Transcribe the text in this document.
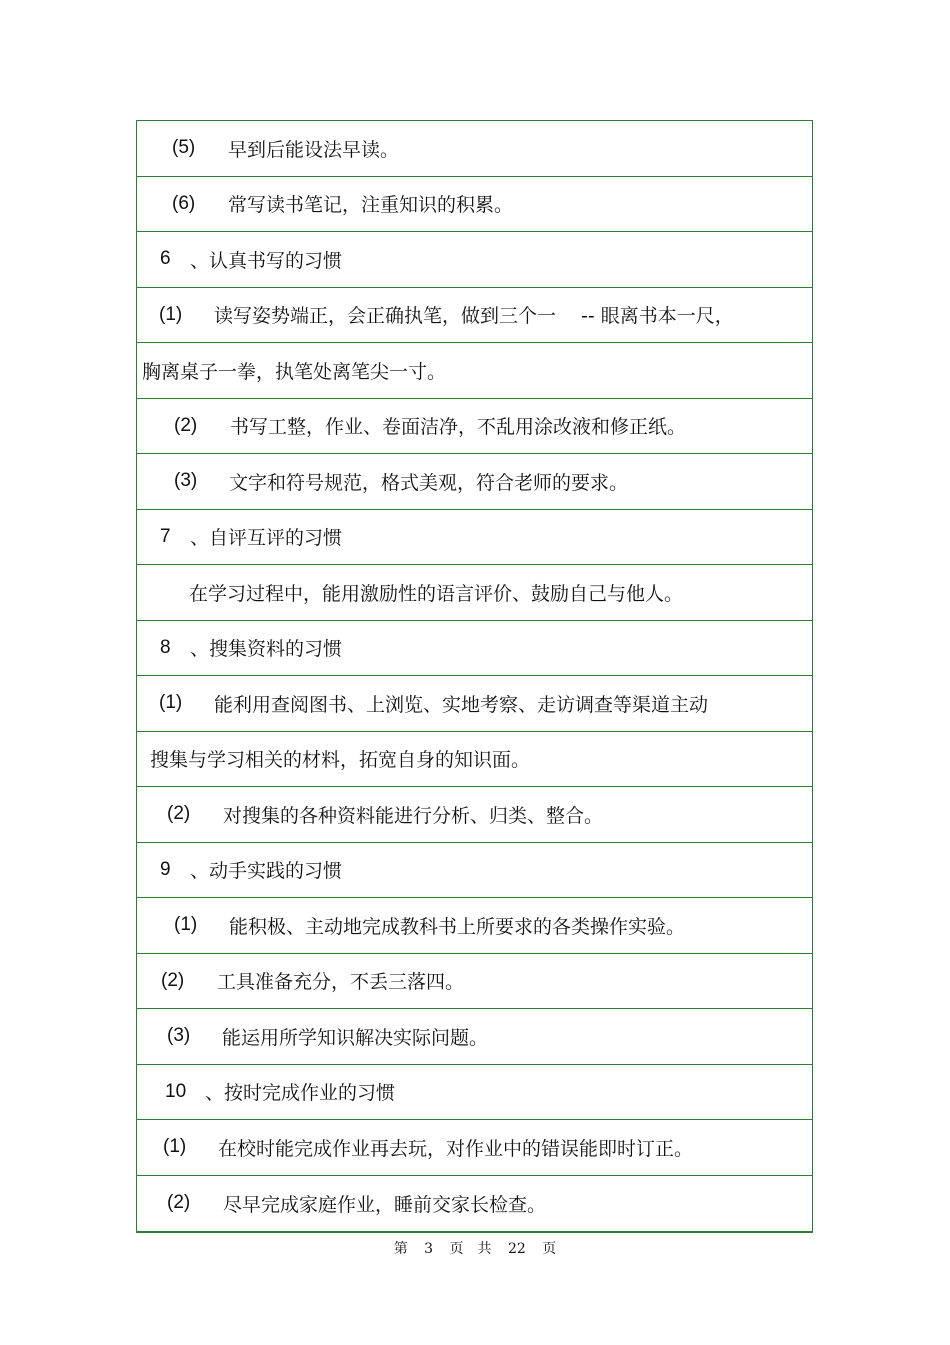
(5)	早到后能设法早读。
(6)	常写读书笔记，注重知识的积累。
6	、认真书写的习惯
(1)	读写姿势端正，会正确执笔，做到三个一　 -- 眼离书本一尺，
胸离桌子一拳，执笔处离笔尖一寸。
(2)	书写工整，作业、卷面洁净，不乱用涂改液和修正纸。
(3)	文字和符号规范，格式美观，符合老师的要求。
7	、自评互评的习惯
在学习过程中，能用激励性的语言评价、鼓励自己与他人。
8	、搜集资料的习惯
(1)	能利用查阅图书、上浏览、实地考察、走访调查等渠道主动
搜集与学习相关的材料，拓宽自身的知识面。
(2)	对搜集的各种资料能进行分析、归类、整合。
9	、动手实践的习惯
(1)	能积极、主动地完成教科书上所要求的各类操作实验。
(2)	工具准备充分，不丢三落四。
(3)	能运用所学知识解决实际问题。
10 、按时完成作业的习惯
(1)	在校时能完成作业再去玩，对作业中的错误能即时订正。
(2)	尽早完成家庭作业，睡前交家长检查。
第 3 页　共 22 页
